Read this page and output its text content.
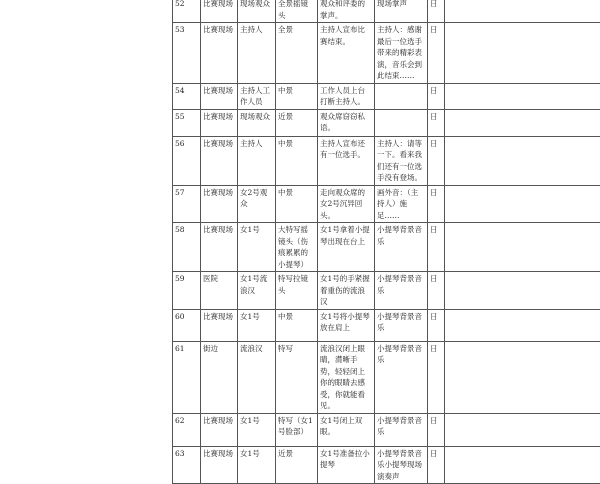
52	比赛现场	现场观众	全景摇镜头	观众和评委的掌声。	现场掌声	日	
53	比赛现场	主持人	全景	主持人宣布比赛结束。	主持人：感谢最后一位选手带来的精彩表演，音乐会到此结束……	日	
54	比赛现场	主持人工作人员	中景	工作人员上台打断主持人。		日	
55	比赛现场	现场观众	近景	观众席窃窃私语。		日	
56	比赛现场	主持人	中景	主持人宣布还有一位选手。	主持人：请等一下。看来我们还有一位选手没有登场。	日	
57	比赛现场	女2号观众	中景	走向观众席的女2号沉异回头。	画外音：（主持人）施足……	日	
58	比赛现场	女1号	大特写摇镜头（伤痕累累的小提琴）	女1号拿着小提琴出现在台上	小提琴背景音乐	日	
59	医院	女1号流浪汉	特写拉镜头	女1号的手紧握着重伤的流浪汉	小提琴背景音乐	日	
60	比赛现场	女1号	中景	女1号将小提琴放在肩上	小提琴背景音乐	日	
61	街边	流浪汉	特写	流浪汉闭上眼睛，潸晰手势，轻轻闭上你的眼睛去感受，你就能看见。	小提琴背景音乐	日	
62	比赛现场	女1号	特写（女1号脸部）	女1号闭上双眼。	小提琴背景音乐	日	
63	比赛现场	女1号	近景	女1号准备拉小提琴	小提琴背景音乐小提琴现场演奏声	日	
